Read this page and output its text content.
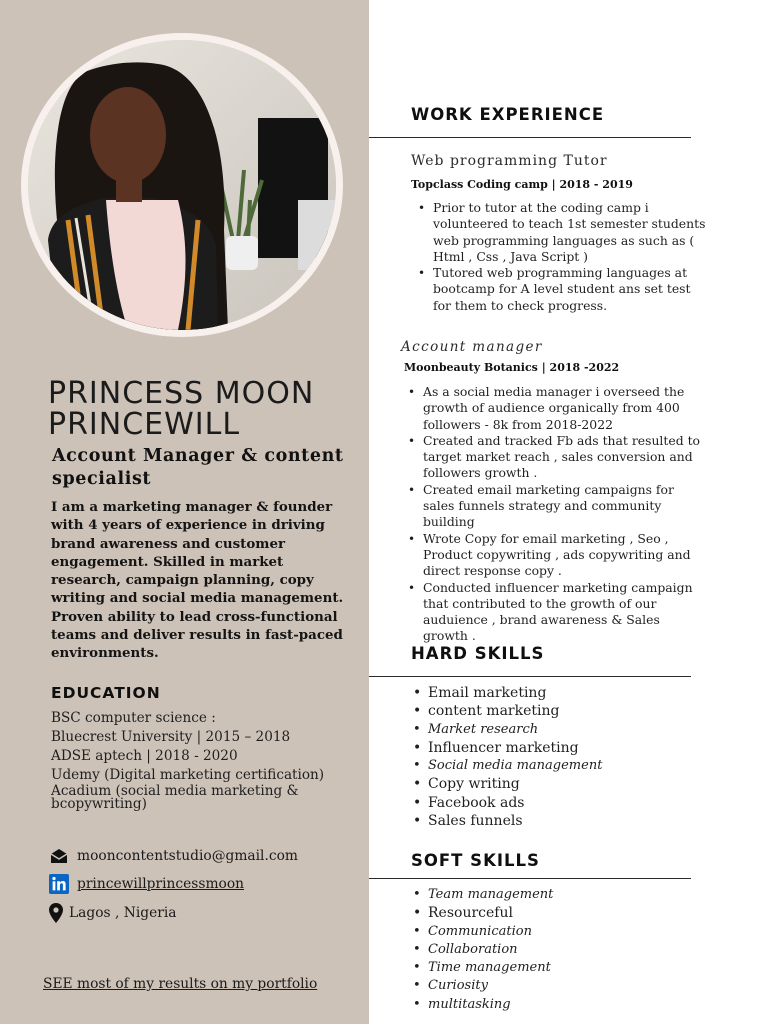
PRINCESS MOON
PRINCEWILL
Account Manager & content specialist
I am a marketing manager & founder with 4 years of experience in driving brand awareness and customer engagement. Skilled in market research, campaign planning, copy writing and social media management. Proven ability to lead cross-functional teams and deliver results in fast-paced environments.
EDUCATION
BSC computer science :
Bluecrest University | 2015 – 2018
ADSE aptech | 2018 - 2020
Udemy (Digital marketing certification)
Acadium (social media marketing & bcopywriting)
mooncontentstudio@gmail.com
princewillprincessmoon
Lagos , Nigeria
SEE most of my results on my portfolio
WORK EXPERIENCE
Web programming Tutor
Topclass Coding camp | 2018 - 2019
• Prior to tutor at the coding camp i volunteered to teach 1st semester students web programming languages as such as ( Html , Css , Java Script )
• Tutored web programming languages at bootcamp for A level student ans set test for them to check progress.
Account manager
Moonbeauty Botanics | 2018 -2022
• As a social media manager i overseed the growth of audience organically from 400 followers - 8k from 2018-2022
• Created and tracked Fb ads that resulted to target market reach , sales conversion and followers growth .
• Created email marketing campaigns for sales funnels strategy and community building
• Wrote Copy for email marketing , Seo , Product copywriting , ads copywriting and direct response copy .
• Conducted influencer marketing campaign that contributed to the growth of our auduience , brand awareness & Sales growth .
HARD SKILLS
• Email marketing
• content marketing
• Market research
• Influencer marketing
• Social media management
• Copy writing
• Facebook ads
• Sales funnels
SOFT SKILLS
• Team management
• Resourceful
• Communication
• Collaboration
• Time management
• Curiosity
• multitasking
